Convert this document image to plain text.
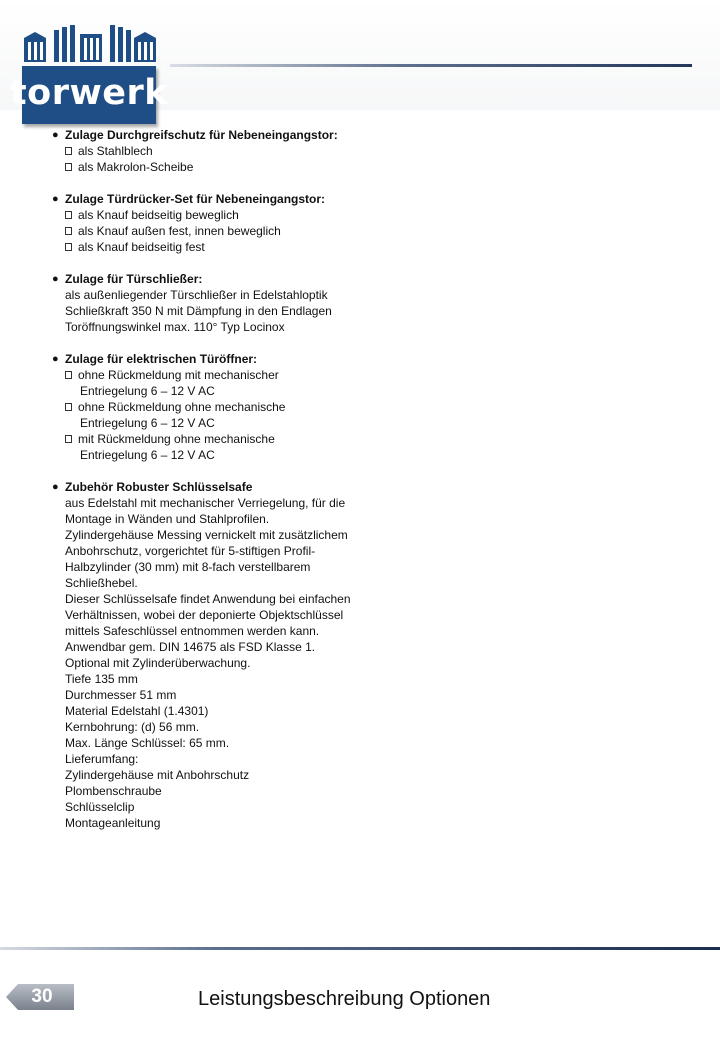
torwerk
● Zulage Durchgreifschutz für Nebeneingangstor:
als Stahlblech
als Makrolon-Scheibe
● Zulage Türdrücker-Set für Nebeneingangstor:
als Knauf beidseitig beweglich
als Knauf außen fest, innen beweglich
als Knauf beidseitig fest
● Zulage für Türschließer:
als außenliegender Türschließer in Edelstahloptik
Schließkraft 350 N mit Dämpfung in den Endlagen
Toröffnungswinkel max. 110° Typ Locinox
● Zulage für elektrischen Türöffner:
ohne Rückmeldung mit mechanischer
Entriegelung 6 – 12 V AC
ohne Rückmeldung ohne mechanische
Entriegelung 6 – 12 V AC
mit Rückmeldung ohne mechanische
Entriegelung 6 – 12 V AC
● Zubehör Robuster Schlüsselsafe
aus Edelstahl mit mechanischer Verriegelung, für die
Montage in Wänden und Stahlprofilen.
Zylindergehäuse Messing vernickelt mit zusätzlichem
Anbohrschutz, vorgerichtet für 5-stiftigen Profil-
Halbzylinder (30 mm) mit 8-fach verstellbarem
Schließhebel.
Dieser Schlüsselsafe findet Anwendung bei einfachen
Verhältnissen, wobei der deponierte Objektschlüssel
mittels Safeschlüssel entnommen werden kann.
Anwendbar gem. DIN 14675 als FSD Klasse 1.
Optional mit Zylinderüberwachung.
Tiefe 135 mm
Durchmesser 51 mm
Material Edelstahl (1.4301)
Kernbohrung: (d) 56 mm.
Max. Länge Schlüssel: 65 mm.
Lieferumfang:
Zylindergehäuse mit Anbohrschutz
Plombenschraube
Schlüsselclip
Montageanleitung
30	Leistungsbeschreibung Optionen
